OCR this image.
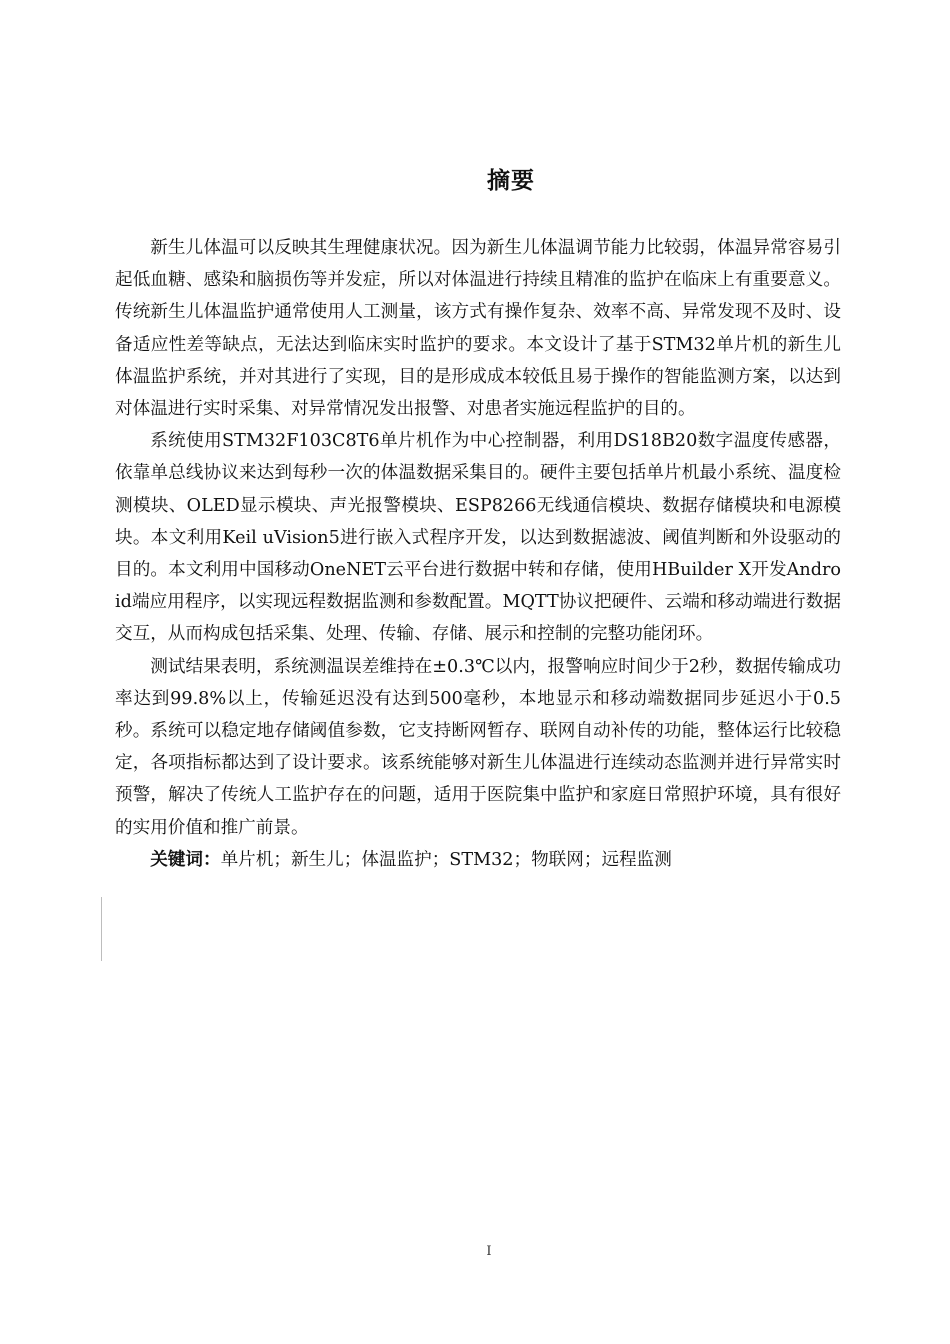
摘要

新生儿体温可以反映其生理健康状况。因为新生儿体温调节能力比较弱，体温异常容易引起低血糖、感染和脑损伤等并发症，所以对体温进行持续且精准的监护在临床上有重要意义。传统新生儿体温监护通常使用人工测量，该方式有操作复杂、效率不高、异常发现不及时、设备适应性差等缺点，无法达到临床实时监护的要求。本文设计了基于STM32单片机的新生儿体温监护系统，并对其进行了实现，目的是形成成本较低且易于操作的智能监测方案，以达到对体温进行实时采集、对异常情况发出报警、对患者实施远程监护的目的。

系统使用STM32F103C8T6单片机作为中心控制器，利用DS18B20数字温度传感器，依靠单总线协议来达到每秒一次的体温数据采集目的。硬件主要包括单片机最小系统、温度检测模块、OLED显示模块、声光报警模块、ESP8266无线通信模块、数据存储模块和电源模块。本文利用Keil uVision5进行嵌入式程序开发，以达到数据滤波、阈值判断和外设驱动的目的。本文利用中国移动OneNET云平台进行数据中转和存储，使用HBuilder X开发Android端应用程序，以实现远程数据监测和参数配置。MQTT协议把硬件、云端和移动端进行数据交互，从而构成包括采集、处理、传输、存储、展示和控制的完整功能闭环。

测试结果表明，系统测温误差维持在±0.3℃以内，报警响应时间少于2秒，数据传输成功率达到99.8%以上，传输延迟没有达到500毫秒，本地显示和移动端数据同步延迟小于0.5秒。系统可以稳定地存储阈值参数，它支持断网暂存、联网自动补传的功能，整体运行比较稳定，各项指标都达到了设计要求。该系统能够对新生儿体温进行连续动态监测并进行异常实时预警，解决了传统人工监护存在的问题，适用于医院集中监护和家庭日常照护环境，具有很好的实用价值和推广前景。

关键词：单片机；新生儿；体温监护；STM32；物联网；远程监测

I
